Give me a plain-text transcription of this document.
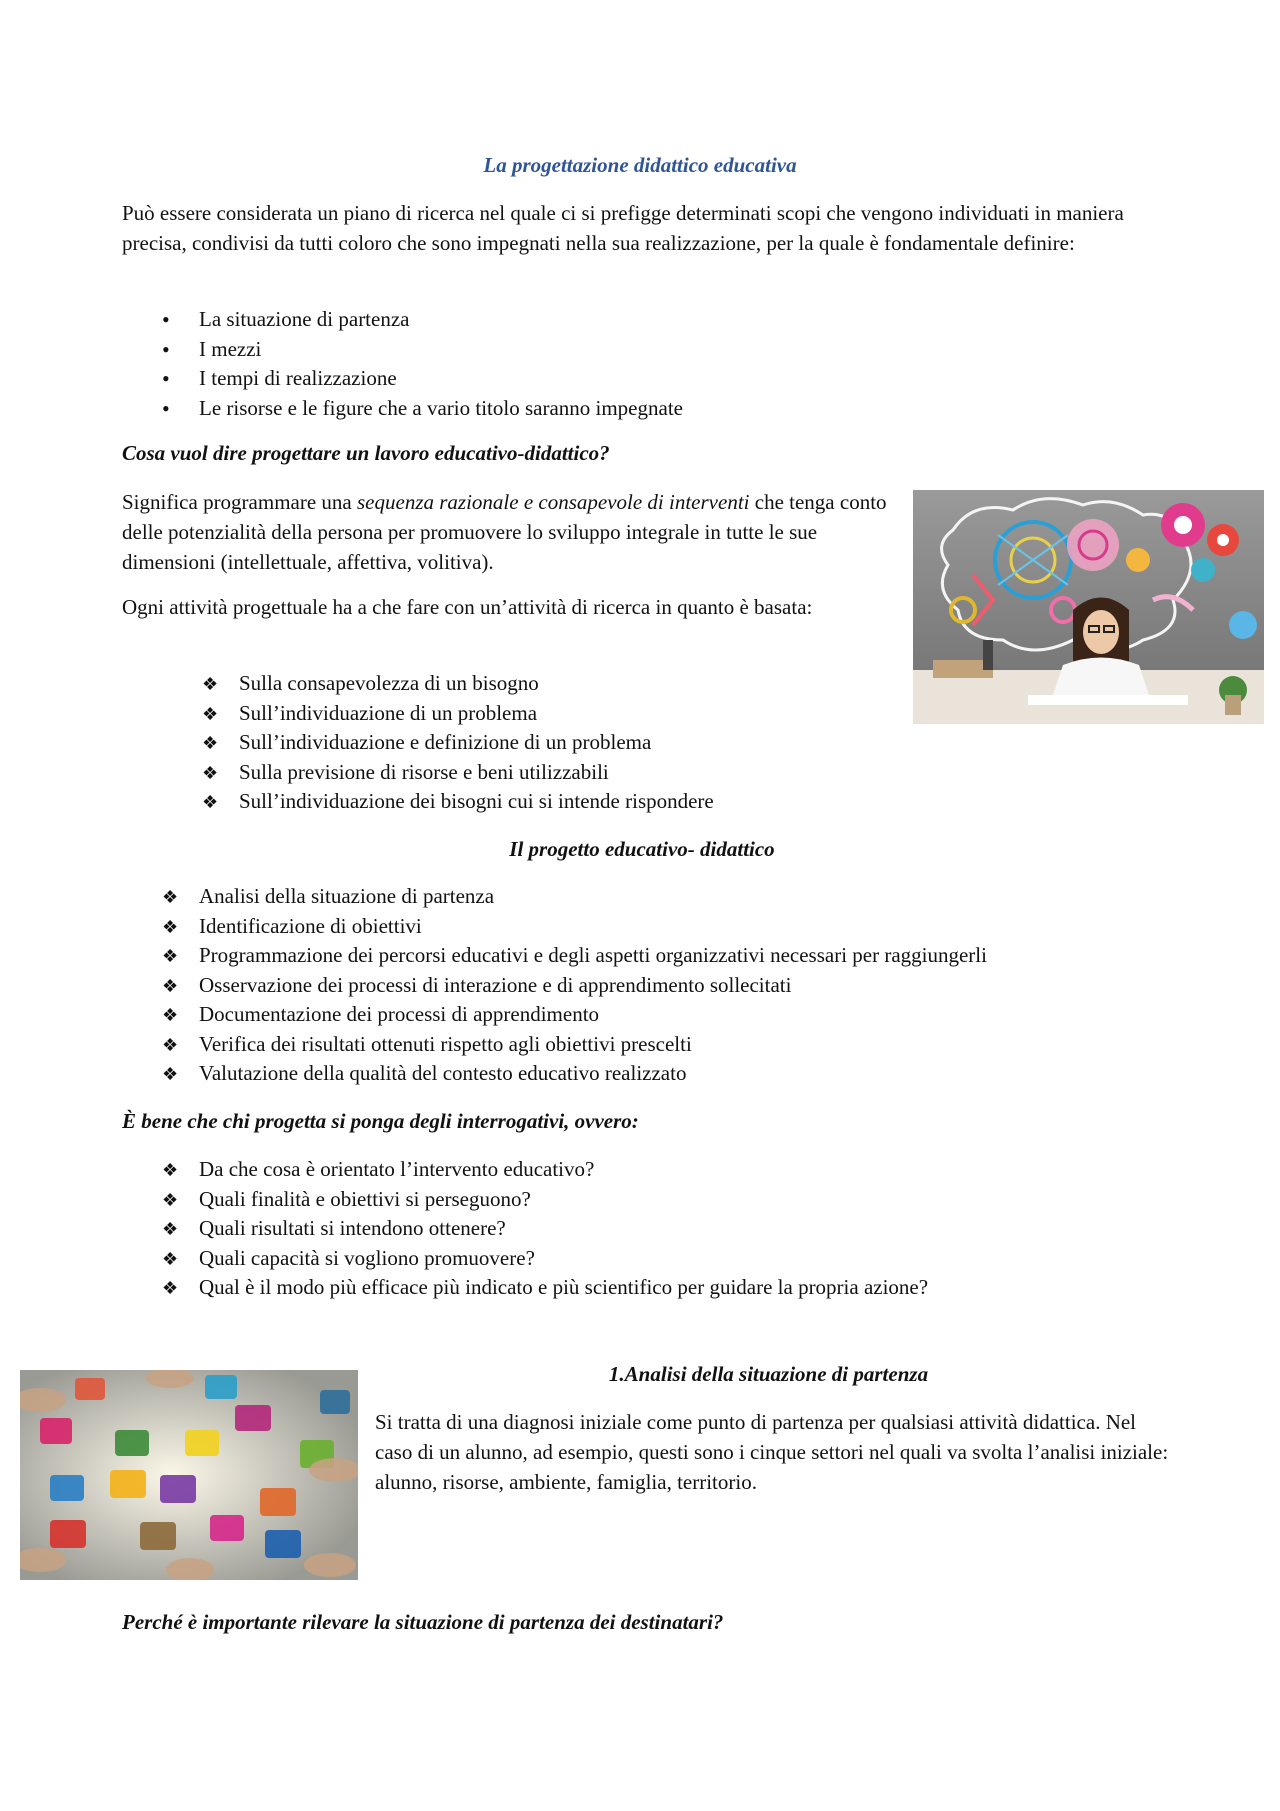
La progettazione didattico educativa
Può essere considerata un piano di ricerca nel quale ci si prefigge determinati scopi che vengono individuati in maniera precisa, condivisi da tutti coloro che sono impegnati nella sua realizzazione, per la quale è fondamentale definire:
• La situazione di partenza
• I mezzi
• I tempi di realizzazione
• Le risorse e le figure che a vario titolo saranno impegnate
Cosa vuol dire progettare un lavoro educativo-didattico?
Significa programmare una sequenza razionale e consapevole di interventi che tenga conto delle potenzialità della persona per promuovere lo sviluppo integrale in tutte le sue dimensioni (intellettuale, affettiva, volitiva).
Ogni attività progettuale ha a che fare con un’attività di ricerca in quanto è basata:
❖ Sulla consapevolezza di un bisogno
❖ Sull’individuazione di un problema
❖ Sull’individuazione e definizione di un problema
❖ Sulla previsione di risorse e beni utilizzabili
❖ Sull’individuazione dei bisogni cui si intende rispondere
Il progetto educativo- didattico
❖ Analisi della situazione di partenza
❖ Identificazione di obiettivi
❖ Programmazione dei percorsi educativi e degli aspetti organizzativi necessari per raggiungerli
❖ Osservazione dei processi di interazione e di apprendimento sollecitati
❖ Documentazione dei processi di apprendimento
❖ Verifica dei risultati ottenuti rispetto agli obiettivi prescelti
❖ Valutazione della qualità del contesto educativo realizzato
È bene che chi progetta si ponga degli interrogativi, ovvero:
❖ Da che cosa è orientato l’intervento educativo?
❖ Quali finalità e obiettivi si perseguono?
❖ Quali risultati si intendono ottenere?
❖ Quali capacità si vogliono promuovere?
❖ Qual è il modo più efficace più indicato e più scientifico per guidare la propria azione?
1.Analisi della situazione di partenza
Si tratta di una diagnosi iniziale come punto di partenza per qualsiasi attività didattica. Nel caso di un alunno, ad esempio, questi sono i cinque settori nel quali va svolta l’analisi iniziale: alunno, risorse, ambiente, famiglia, territorio.
Perché è importante rilevare la situazione di partenza dei destinatari?
